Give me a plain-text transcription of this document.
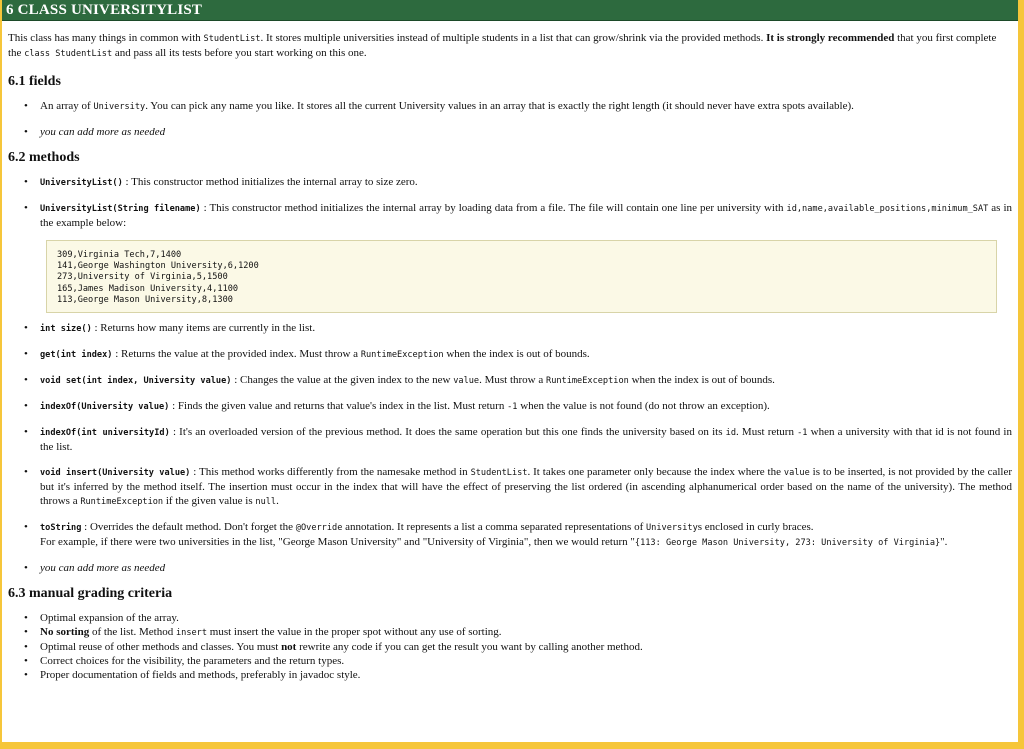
6 CLASS UNIVERSITYLIST

This class has many things in common with StudentList. It stores multiple universities instead of multiple students in a list that can grow/shrink via the provided methods. It is strongly recommended that you first complete the class StudentList and pass all its tests before you start working on this one.

6.1 fields
• An array of University. You can pick any name you like. It stores all the current University values in an array that is exactly the right length (it should never have extra spots available).
• you can add more as needed
6.2 methods
• UniversityList() : This constructor method initializes the internal array to size zero.
• UniversityList(String filename) : This constructor method initializes the internal array by loading data from a file. The file will contain one line per university with id,name,available_positions,minimum_SAT as in the example below:
309,Virginia Tech,7,1400
141,George Washington University,6,1200
273,University of Virginia,5,1500
165,James Madison University,4,1100
113,George Mason University,8,1300
• int size() : Returns how many items are currently in the list.
• get(int index) : Returns the value at the provided index. Must throw a RuntimeException when the index is out of bounds.
• void set(int index, University value) : Changes the value at the given index to the new value. Must throw a RuntimeException when the index is out of bounds.
• indexOf(University value) : Finds the given value and returns that value's index in the list. Must return -1 when the value is not found (do not throw an exception).
• indexOf(int universityId) : It's an overloaded version of the previous method. It does the same operation but this one finds the university based on its id. Must return -1 when a university with that id is not found in the list.
• void insert(University value) : This method works differently from the namesake method in StudentList. It takes one parameter only because the index where the value is to be inserted, is not provided by the caller but it's inferred by the method itself. The insertion must occur in the index that will have the effect of preserving the list ordered (in ascending alphanumerical order based on the name of the university). The method throws a RuntimeException if the given value is null.
• toString : Overrides the default method. Don't forget the @Override annotation. It represents a list a comma separated representations of Universitys enclosed in curly braces.
For example, if there were two universities in the list, "George Mason University" and "University of Virginia", then we would return "{113: George Mason University, 273: University of Virginia}".
• you can add more as needed
6.3 manual grading criteria
• Optimal expansion of the array.
• No sorting of the list. Method insert must insert the value in the proper spot without any use of sorting.
• Optimal reuse of other methods and classes. You must not rewrite any code if you can get the result you want by calling another method.
• Correct choices for the visibility, the parameters and the return types.
• Proper documentation of fields and methods, preferably in javadoc style.
